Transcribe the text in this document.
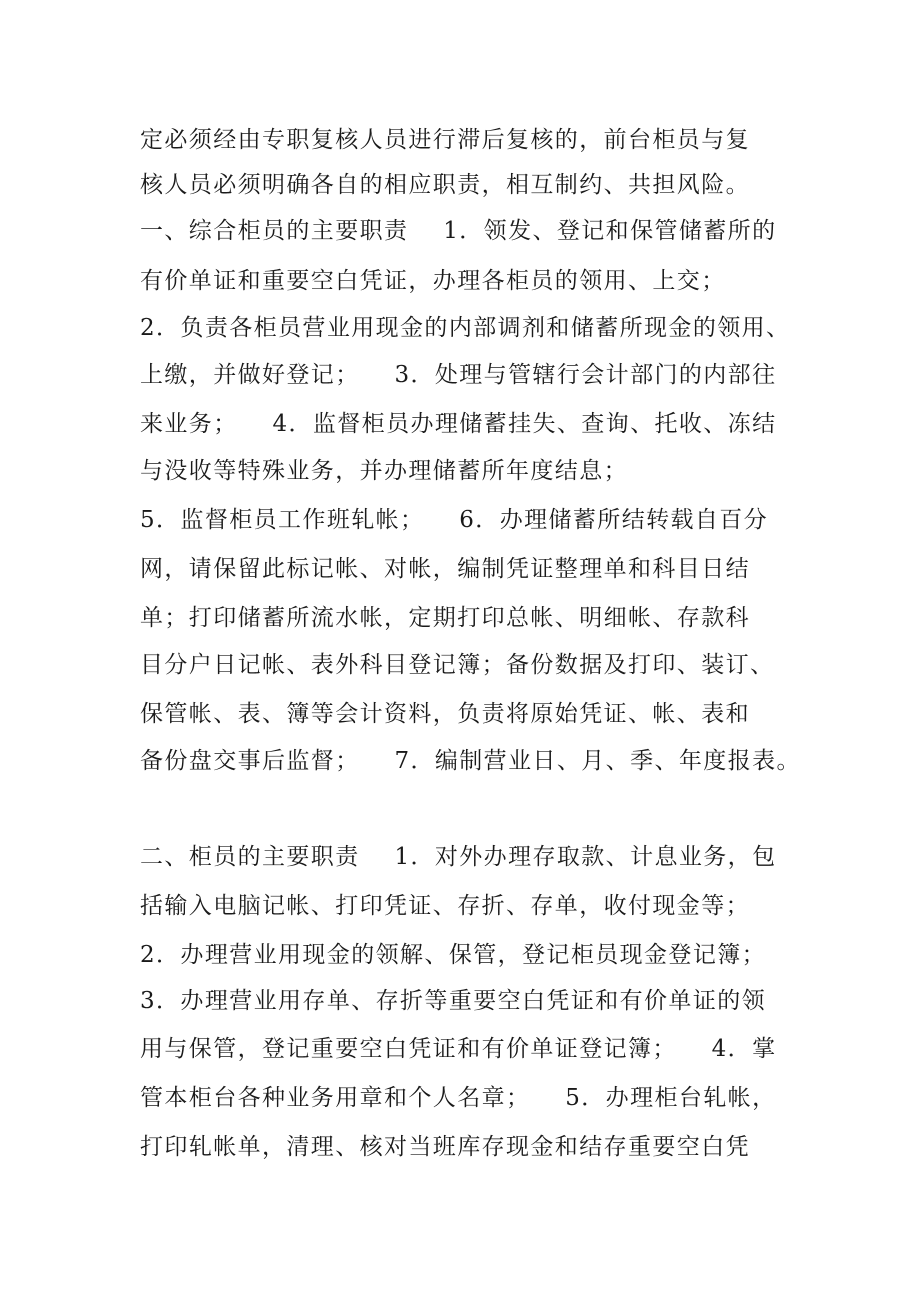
定必须经由专职复核人员进行滞后复核的，前台柜员与复

核人员必须明确各自的相应职责，相互制约、共担风险。

一、综合柜员的主要职责    1．领发、登记和保管储蓄所的

有价单证和重要空白凭证，办理各柜员的领用、上交；

2．负责各柜员营业用现金的内部调剂和储蓄所现金的领用、

上缴，并做好登记；    3．处理与管辖行会计部门的内部往

来业务；    4．监督柜员办理储蓄挂失、查询、托收、冻结

与没收等特殊业务，并办理储蓄所年度结息；

5．监督柜员工作班轧帐；    6．办理储蓄所结转载自百分

网，请保留此标记帐、对帐，编制凭证整理单和科目日结

单；打印储蓄所流水帐，定期打印总帐、明细帐、存款科

目分户日记帐、表外科目登记簿；备份数据及打印、装订、

保管帐、表、簿等会计资料，负责将原始凭证、帐、表和

备份盘交事后监督；    7．编制营业日、月、季、年度报表。

二、柜员的主要职责    1．对外办理存取款、计息业务，包

括输入电脑记帐、打印凭证、存折、存单，收付现金等；

2．办理营业用现金的领解、保管，登记柜员现金登记簿；

3．办理营业用存单、存折等重要空白凭证和有价单证的领

用与保管，登记重要空白凭证和有价单证登记簿；    4．掌

管本柜台各种业务用章和个人名章；    5．办理柜台轧帐，

打印轧帐单，清理、核对当班库存现金和结存重要空白凭
